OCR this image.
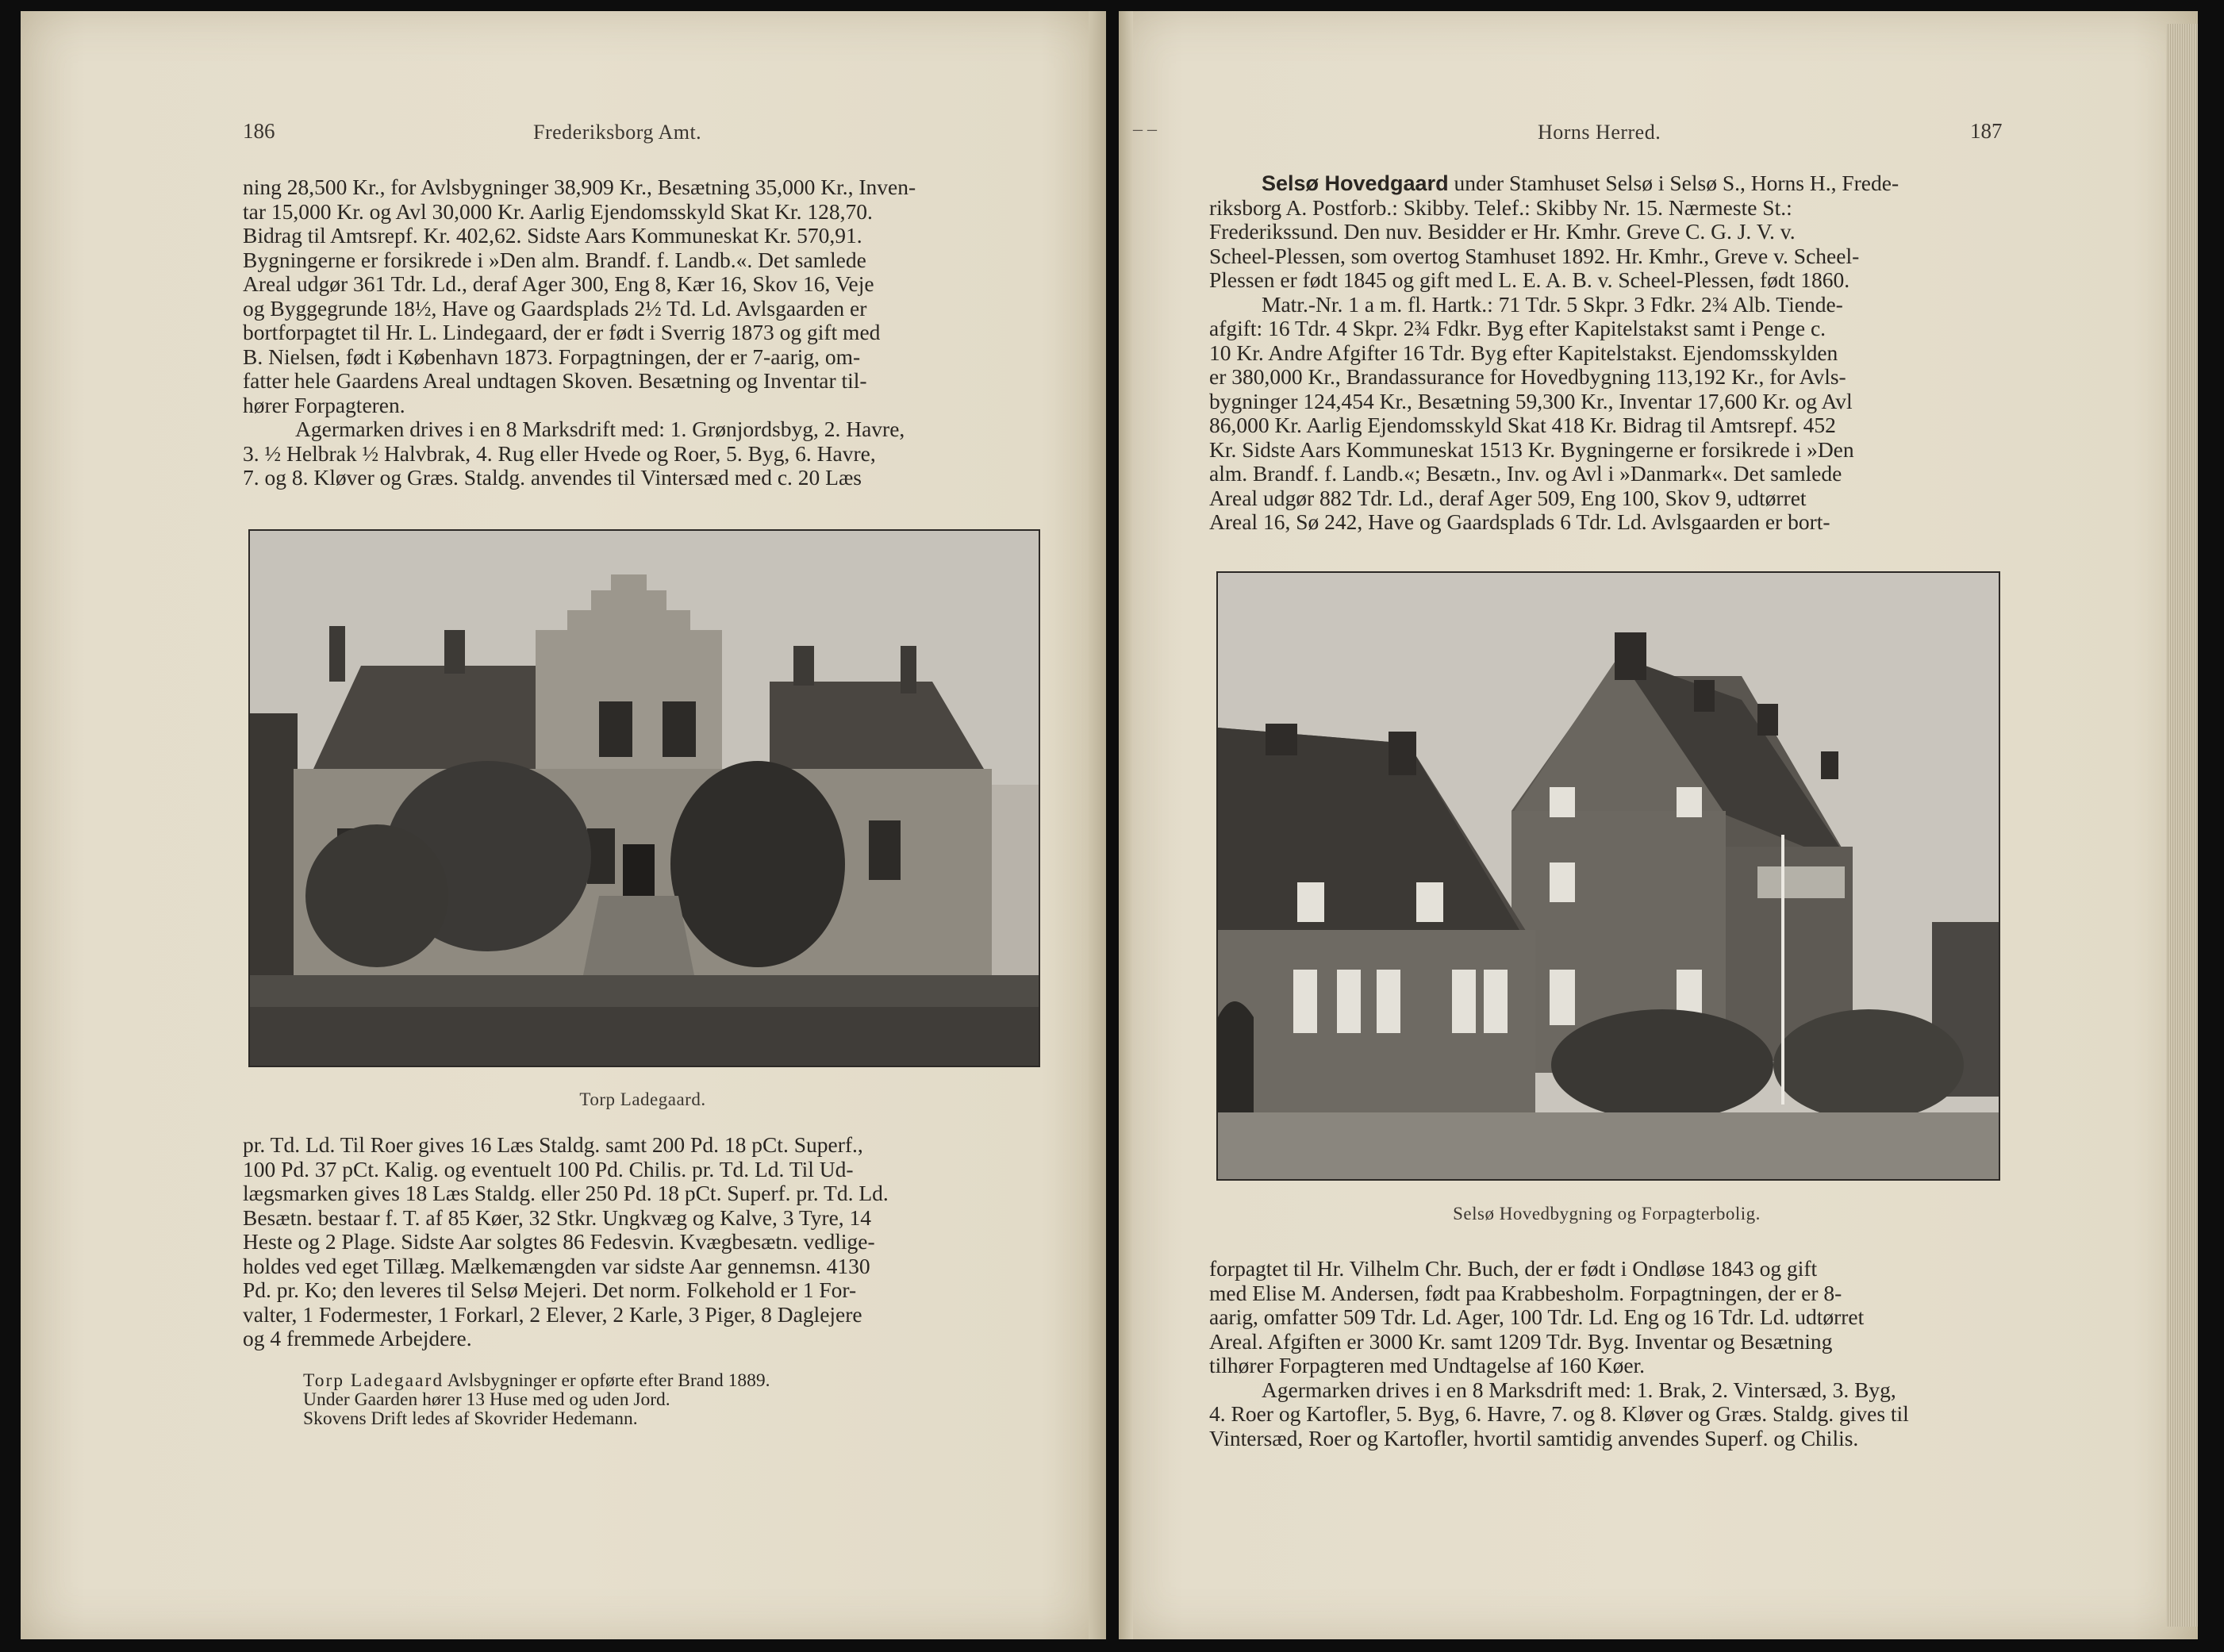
186	Frederiksborg Amt.

ning 28,500 Kr., for Avlsbygninger 38,909 Kr., Besætning 35,000 Kr., Inven-

tar 15,000 Kr. og Avl 30,000 Kr. Aarlig Ejendomsskyld Skat Kr. 128,70.

Bidrag til Amtsrepf. Kr. 402,62. Sidste Aars Kommuneskat Kr. 570,91.

Bygningerne er forsikrede i »Den alm. Brandf. f. Landb.«. Det samlede

Areal udgør 361 Tdr. Ld., deraf Ager 300, Eng 8, Kær 16, Skov 16, Veje

og Byggegrunde 18½, Have og Gaardsplads 2½ Td. Ld. Avlsgaarden er

bortforpagtet til Hr. L. Lindegaard, der er født i Sverrig 1873 og gift med

B. Nielsen, født i København 1873. Forpagtningen, der er 7-aarig, om-

fatter hele Gaardens Areal undtagen Skoven. Besætning og Inventar til-

hører Forpagteren.

Agermarken drives i en 8 Marksdrift med: 1. Grønjordsbyg, 2. Havre,

3. ½ Helbrak ½ Halvbrak, 4. Rug eller Hvede og Roer, 5. Byg, 6. Havre,

7. og 8. Kløver og Græs. Staldg. anvendes til Vintersæd med c. 20 Læs

Torp Ladegaard.

pr. Td. Ld. Til Roer gives 16 Læs Staldg. samt 200 Pd. 18 pCt. Superf.,

100 Pd. 37 pCt. Kalig. og eventuelt 100 Pd. Chilis. pr. Td. Ld. Til Ud-

lægsmarken gives 18 Læs Staldg. eller 250 Pd. 18 pCt. Superf. pr. Td. Ld.

Besætn. bestaar f. T. af 85 Køer, 32 Stkr. Ungkvæg og Kalve, 3 Tyre, 14

Heste og 2 Plage. Sidste Aar solgtes 86 Fedesvin. Kvægbesætn. vedlige-

holdes ved eget Tillæg. Mælkemængden var sidste Aar gennemsn. 4130

Pd. pr. Ko; den leveres til Selsø Mejeri. Det norm. Folkehold er 1 For-

valter, 1 Fodermester, 1 Forkarl, 2 Elever, 2 Karle, 3 Piger, 8 Daglejere

og 4 fremmede Arbejdere.

Torp Ladegaard Avlsbygninger er opførte efter Brand 1889.

Under Gaarden hører 13 Huse med og uden Jord.

Skovens Drift ledes af Skovrider Hedemann.

‒ ‒	Horns Herred.	187

Selsø Hovedgaard under Stamhuset Selsø i Selsø S., Horns H., Frede-

riksborg A. Postforb.: Skibby. Telef.: Skibby Nr. 15. Nærmeste St.:

Frederikssund. Den nuv. Besidder er Hr. Kmhr. Greve C. G. J. V. v.

Scheel-Plessen, som overtog Stamhuset 1892. Hr. Kmhr., Greve v. Scheel-

Plessen er født 1845 og gift med L. E. A. B. v. Scheel-Plessen, født 1860.

Matr.-Nr. 1 a m. fl. Hartk.: 71 Tdr. 5 Skpr. 3 Fdkr. 2¾ Alb. Tiende-

afgift: 16 Tdr. 4 Skpr. 2¾ Fdkr. Byg efter Kapitelstakst samt i Penge c.

10 Kr. Andre Afgifter 16 Tdr. Byg efter Kapitelstakst. Ejendomsskylden

er 380,000 Kr., Brandassurance for Hovedbygning 113,192 Kr., for Avls-

bygninger 124,454 Kr., Besætning 59,300 Kr., Inventar 17,600 Kr. og Avl

86,000 Kr. Aarlig Ejendomsskyld Skat 418 Kr. Bidrag til Amtsrepf. 452

Kr. Sidste Aars Kommuneskat 1513 Kr. Bygningerne er forsikrede i »Den

alm. Brandf. f. Landb.«; Besætn., Inv. og Avl i »Danmark«. Det samlede

Areal udgør 882 Tdr. Ld., deraf Ager 509, Eng 100, Skov 9, udtørret

Areal 16, Sø 242, Have og Gaardsplads 6 Tdr. Ld. Avlsgaarden er bort-

Selsø Hovedbygning og Forpagterbolig.

forpagtet til Hr. Vilhelm Chr. Buch, der er født i Ondløse 1843 og gift

med Elise M. Andersen, født paa Krabbesholm. Forpagtningen, der er 8-

aarig, omfatter 509 Tdr. Ld. Ager, 100 Tdr. Ld. Eng og 16 Tdr. Ld. udtørret

Areal. Afgiften er 3000 Kr. samt 1209 Tdr. Byg. Inventar og Besætning

tilhører Forpagteren med Undtagelse af 160 Køer.

Agermarken drives i en 8 Marksdrift med: 1. Brak, 2. Vintersæd, 3. Byg,

4. Roer og Kartofler, 5. Byg, 6. Havre, 7. og 8. Kløver og Græs. Staldg. gives til

Vintersæd, Roer og Kartofler, hvortil samtidig anvendes Superf. og Chilis.
